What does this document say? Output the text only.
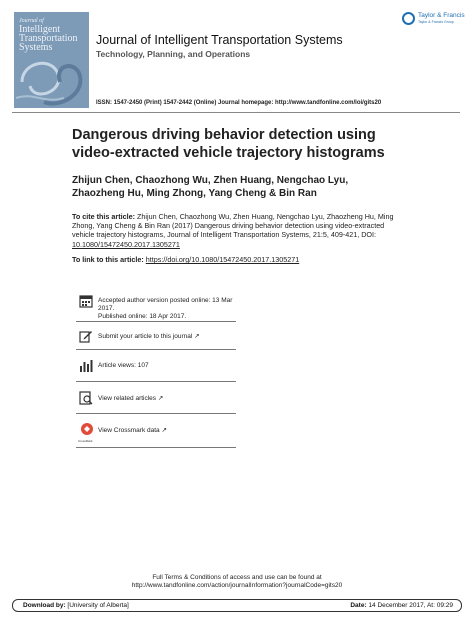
Journal of
Intelligent Transportation Systems
Journal of Intelligent Transportation Systems
Technology, Planning, and Operations
Taylor & Francis
Taylor & Francis Group
ISSN: 1547-2450 (Print) 1547-2442 (Online) Journal homepage: http://www.tandfonline.com/loi/gits20
Dangerous driving behavior detection using video-extracted vehicle trajectory histograms
Zhijun Chen, Chaozhong Wu, Zhen Huang, Nengchao Lyu, Zhaozheng Hu, Ming Zhong, Yang Cheng & Bin Ran
To cite this article: Zhijun Chen, Chaozhong Wu, Zhen Huang, Nengchao Lyu, Zhaozheng Hu, Ming Zhong, Yang Cheng & Bin Ran (2017) Dangerous driving behavior detection using video-extracted vehicle trajectory histograms, Journal of Intelligent Transportation Systems, 21:5, 409-421, DOI: 10.1080/15472450.2017.1305271
To link to this article: https://doi.org/10.1080/15472450.2017.1305271
Accepted author version posted online: 13 Mar 2017.
Published online: 18 Apr 2017.
Submit your article to this journal ↗
Article views: 107
View related articles ↗
CrossMark
View Crossmark data ↗
Full Terms & Conditions of access and use can be found at
http://www.tandfonline.com/action/journalInformation?journalCode=gits20
Download by: [University of Alberta]	Date: 14 December 2017, At: 09:29
